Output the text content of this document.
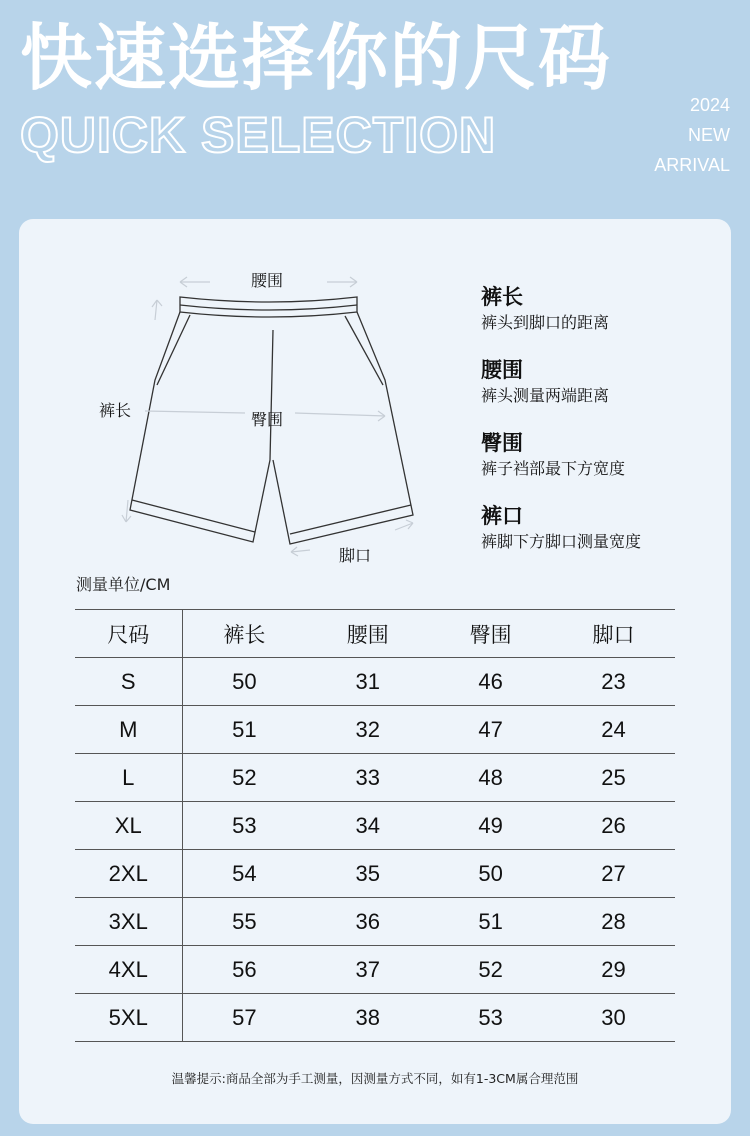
快速选择你的尺码
QUICK SELECTION
2024
NEW
ARRIVAL
腰围
裤长	臀围
脚口
裤长
裤头到脚口的距离
腰围
裤头测量两端距离
臀围
裤子裆部最下方宽度
裤口
裤脚下方脚口测量宽度
测量单位/CM
尺码	裤长	腰围	臀围	脚口
S	50	31	46	23
M	51	32	47	24
L	52	33	48	25
XL	53	34	49	26
2XL	54	35	50	27
3XL	55	36	51	28
4XL	56	37	52	29
5XL	57	38	53	30
温馨提示:商品全部为手工测量，因测量方式不同，如有1-3CM属合理范围
